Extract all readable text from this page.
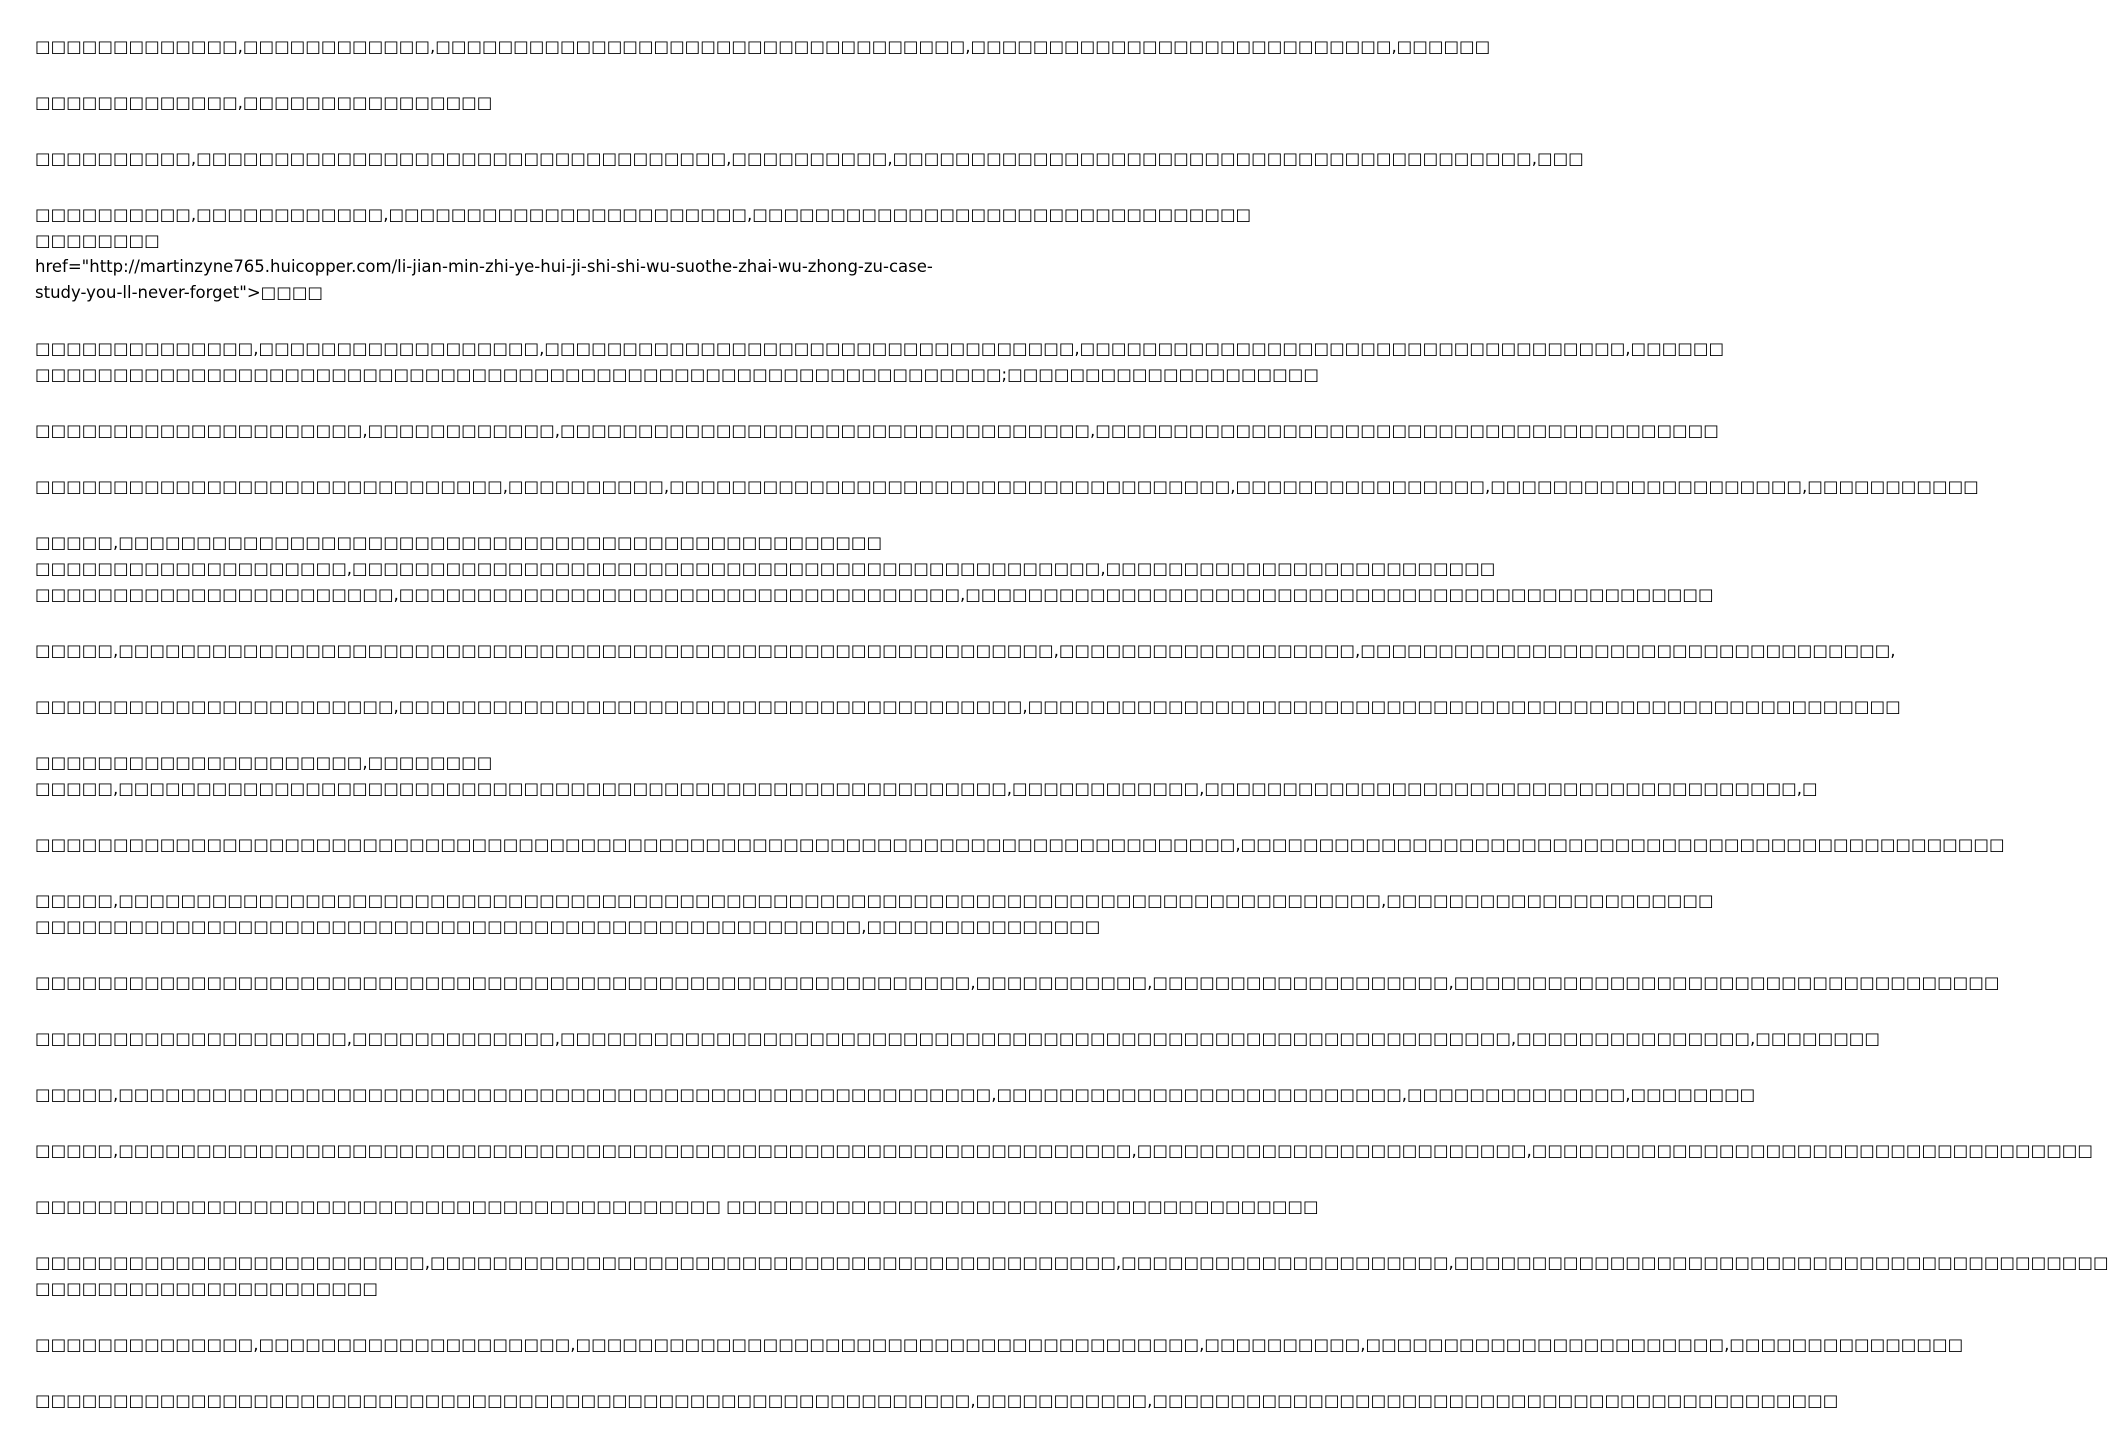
□□□□□□□□□□□□□,□□□□□□□□□□□□,□□□□□□□□□□□□□□□□□□□□□□□□□□□□□□□□□□,□□□□□□□□□□□□□□□□□□□□□□□□□□□,□□□□□□

□□□□□□□□□□□□□,□□□□□□□□□□□□□□□□

□□□□□□□□□□,□□□□□□□□□□□□□□□□□□□□□□□□□□□□□□□□□□,□□□□□□□□□□,□□□□□□□□□□□□□□□□□□□□□□□□□□□□□□□□□□□□□□□□□,□□□

□□□□□□□□□□,□□□□□□□□□□□□,□□□□□□□□□□□□□□□□□□□□□□□,□□□□□□□□□□□□□□□□□□□□□□□□□□□□□□□□ □□□□□□□□
href="http://martinzyne765.huicopper.com/li-jian-min-zhi-ye-hui-ji-shi-shi-wu-suothe-zhai-wu-zhong-zu-case-
study-you-ll-never-forget">□□□□

□□□□□□□□□□□□□□,□□□□□□□□□□□□□□□□□□,□□□□□□□□□□□□□□□□□□□□□□□□□□□□□□□□□□,□□□□□□□□□□□□□□□□□□□□□□□□□□□□□□□□□□□,□□□□□□
□□□□□□□□□□□□□□□□□□□□□□□□□□□□□□□□□□□□□□□□□□□□□□□□□□□□□□□□□□□□□□;□□□□□□□□□□□□□□□□□□□□

□□□□□□□□□□□□□□□□□□□□□,□□□□□□□□□□□□,□□□□□□□□□□□□□□□□□□□□□□□□□□□□□□□□□□,□□□□□□□□□□□□□□□□□□□□□□□□□□□□□□□□□□□□□□□□

□□□□□□□□□□□□□□□□□□□□□□□□□□□□□□,□□□□□□□□□□,□□□□□□□□□□□□□□□□□□□□□□□□□□□□□□□□□□□□,□□□□□□□□□□□□□□□□,□□□□□□□□□□□□□□□□□□□□,□□□□□□□□□□□

□□□□□,□□□□□□□□□□□□□□□□□□□□□□□□□□□□□□□□□□□□□□□□□□□□□□□□□
□□□□□□□□□□□□□□□□□□□□,□□□□□□□□□□□□□□□□□□□□□□□□□□□□□□□□□□□□□□□□□□□□□□□□,□□□□□□□□□□□□□□□□□□□□□□□□□
□□□□□□□□□□□□□□□□□□□□□□□,□□□□□□□□□□□□□□□□□□□□□□□□□□□□□□□□□□□□,□□□□□□□□□□□□□□□□□□□□□□□□□□□□□□□□□□□□□□□□□□□□□□□□

□□□□□,□□□□□□□□□□□□□□□□□□□□□□□□□□□□□□□□□□□□□□□□□□□□□□□□□□□□□□□□□□□□,□□□□□□□□□□□□□□□□□□□,□□□□□□□□□□□□□□□□□□□□□□□□□□□□□□□□□□,

□□□□□□□□□□□□□□□□□□□□□□□,□□□□□□□□□□□□□□□□□□□□□□□□□□□□□□□□□□□□□□□□,□□□□□□□□□□□□□□□□□□□□□□□□□□□□□□□□□□□□□□□□□□□□□□□□□□□□□□□□

□□□□□□□□□□□□□□□□□□□□□,□□□□□□□□
□□□□□,□□□□□□□□□□□□□□□□□□□□□□□□□□□□□□□□□□□□□□□□□□□□□□□□□□□□□□□□□,□□□□□□□□□□□□,□□□□□□□□□□□□□□□□□□□□□□□□□□□□□□□□□□□□□□,□

□□□□□□□□□□□□□□□□□□□□□□□□□□□□□□□□□□□□□□□□□□□□□□□□□□□□□□□□□□□□□□□□□□□□□□□□□□□□□,□□□□□□□□□□□□□□□□□□□□□□□□□□□□□□□□□□□□□□□□□□□□□□□□□

□□□□□,□□□□□□□□□□□□□□□□□□□□□□□□□□□□□□□□□□□□□□□□□□□□□□□□□□□□□□□□□□□□□□□□□□□□□□□□□□□□□□□□□,□□□□□□□□□□□□□□□□□□□□□
□□□□□□□□□□□□□□□□□□□□□□□□□□□□□□□□□□□□□□□□□□□□□□□□□□□□□,□□□□□□□□□□□□□□□

□□□□□□□□□□□□□□□□□□□□□□□□□□□□□□□□□□□□□□□□□□□□□□□□□□□□□□□□□□□□,□□□□□□□□□□□,□□□□□□□□□□□□□□□□□□□,□□□□□□□□□□□□□□□□□□□□□□□□□□□□□□□□□□□

□□□□□□□□□□□□□□□□□□□□,□□□□□□□□□□□□□,□□□□□□□□□□□□□□□□□□□□□□□□□□□□□□□□□□□□□□□□□□□□□□□□□□□□□□□□□□□□□,□□□□□□□□□□□□□□□,□□□□□□□□

□□□□□,□□□□□□□□□□□□□□□□□□□□□□□□□□□□□□□□□□□□□□□□□□□□□□□□□□□□□□□□,□□□□□□□□□□□□□□□□□□□□□□□□□□,□□□□□□□□□□□□□□,□□□□□□□□

□□□□□,□□□□□□□□□□□□□□□□□□□□□□□□□□□□□□□□□□□□□□□□□□□□□□□□□□□□□□□□□□□□□□□□□,□□□□□□□□□□□□□□□□□□□□□□□□□,□□□□□□□□□□□□□□□□□□□□□□□□□□□□□□□□□□□□

□□□□□□□□□□□□□□□□□□□□□□□□□□□□□□□□□□□□□□□□□□□□ □□□□□□□□□□□□□□□□□□□□□□□□□□□□□□□□□□□□□□

□□□□□□□□□□□□□□□□□□□□□□□□□,□□□□□□□□□□□□□□□□□□□□□□□□□□□□□□□□□□□□□□□□□□□□,□□□□□□□□□□□□□□□□□□□□□,□□□□□□□□□□□□□□□□□□□□□□□□□□□□□□□□□□□□□□□□□□
□□□□□□□□□□□□□□□□□□□□□□

□□□□□□□□□□□□□□,□□□□□□□□□□□□□□□□□□□□,□□□□□□□□□□□□□□□□□□□□□□□□□□□□□□□□□□□□□□□□,□□□□□□□□□□,□□□□□□□□□□□□□□□□□□□□□□□,□□□□□□□□□□□□□□□

□□□□□□□□□□□□□□□□□□□□□□□□□□□□□□□□□□□□□□□□□□□□□□□□□□□□□□□□□□□□,□□□□□□□□□□□,□□□□□□□□□□□□□□□□□□□□□□□□□□□□□□□□□□□□□□□□□□□□
